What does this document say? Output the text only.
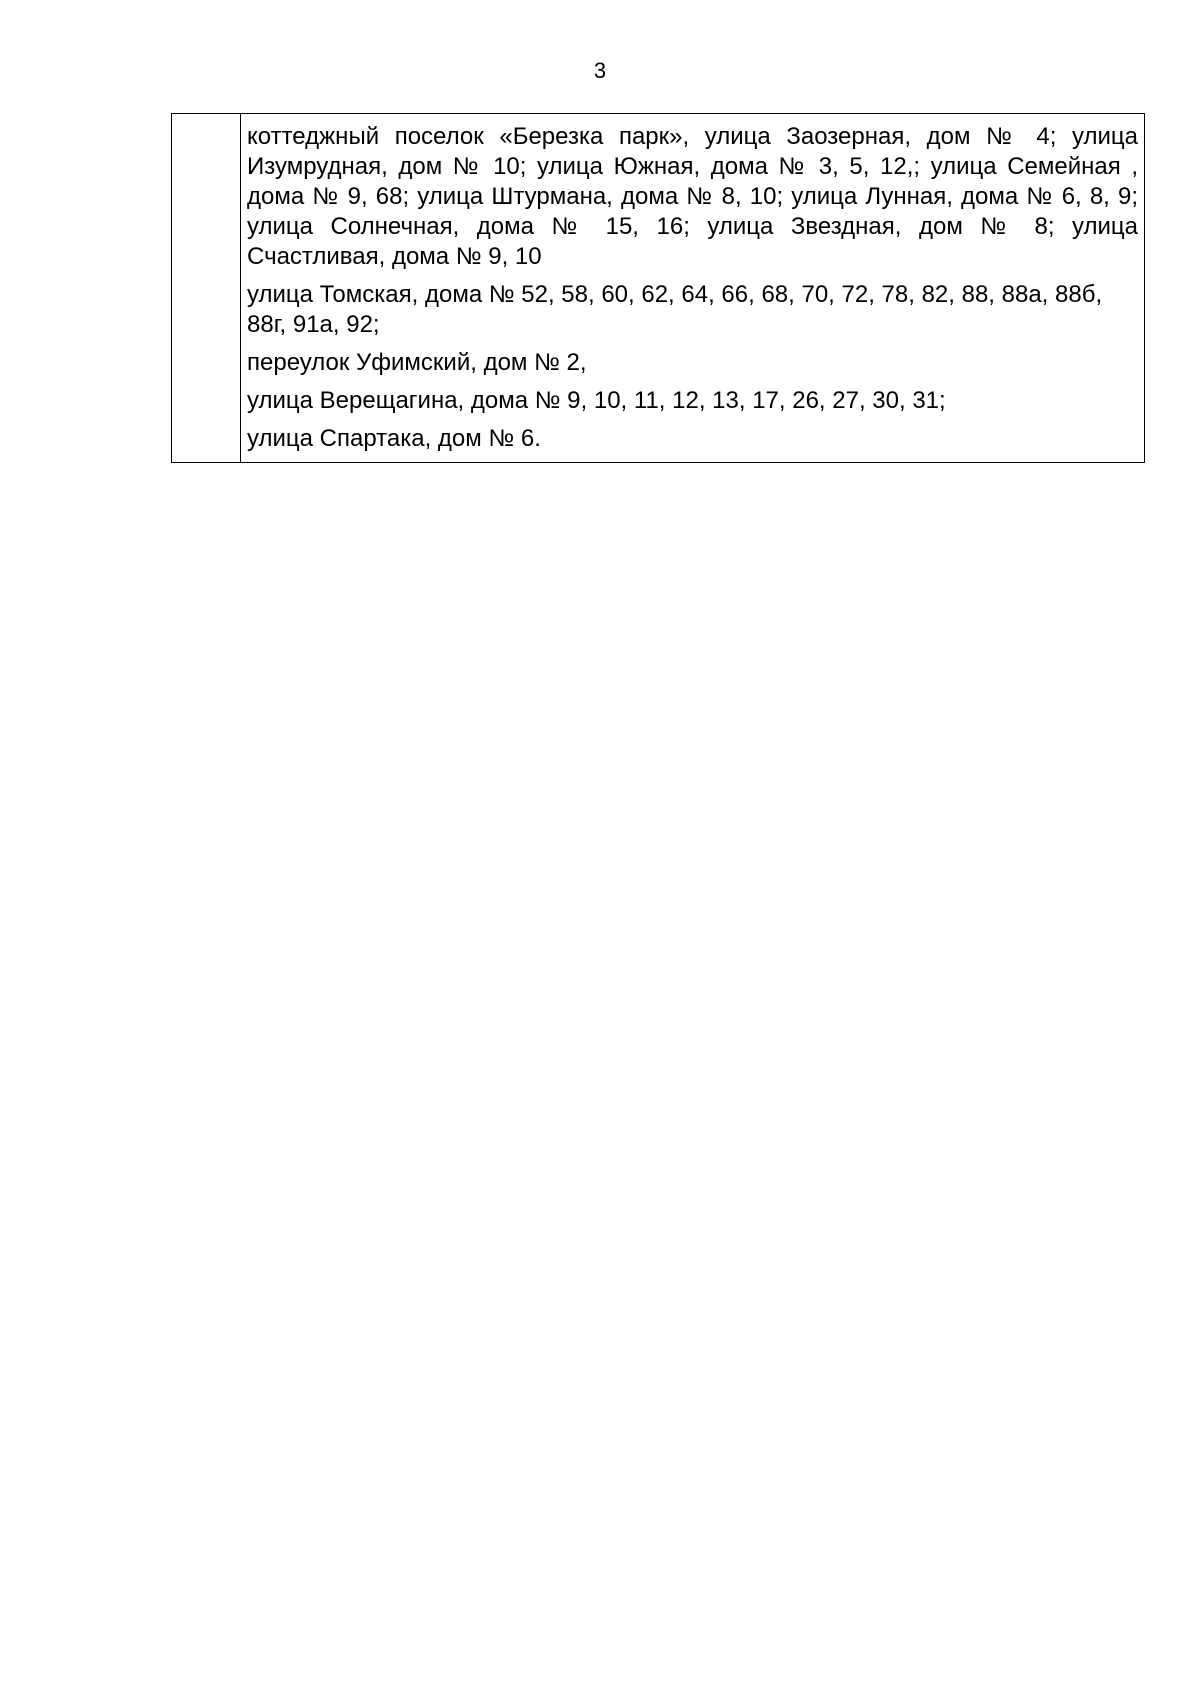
3

коттеджный поселок «Березка парк», улица Заозерная, дом № 4; улица Изумрудная, дом № 10; улица Южная, дома № 3, 5, 12,; улица Семейная , дома № 9, 68; улица Штурмана, дома № 8, 10; улица Лунная, дома № 6, 8, 9; улица Солнечная, дома № 15, 16; улица Звездная, дом № 8; улица Счастливая, дома № 9, 10

улица Томская, дома № 52, 58, 60, 62, 64, 66, 68, 70, 72, 78, 82, 88, 88а, 88б, 88г, 91а, 92;

переулок Уфимский, дом № 2,

улица Верещагина, дома № 9, 10, 11, 12, 13, 17, 26, 27, 30, 31;

улица Спартака, дом № 6.
